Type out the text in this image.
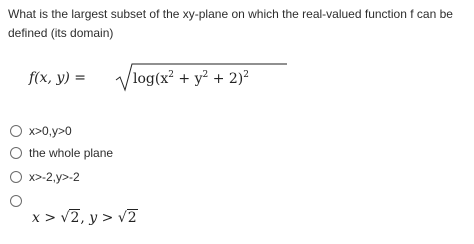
What is the largest subset of the xy-plane on which the real-valued function f can be
defined (its domain)
f(x, y) =	$\log(x^2 + y^2 + 2)^2$
x>0,y>0
the whole plane
x>-2,y>-2
x > √2, y > √2
